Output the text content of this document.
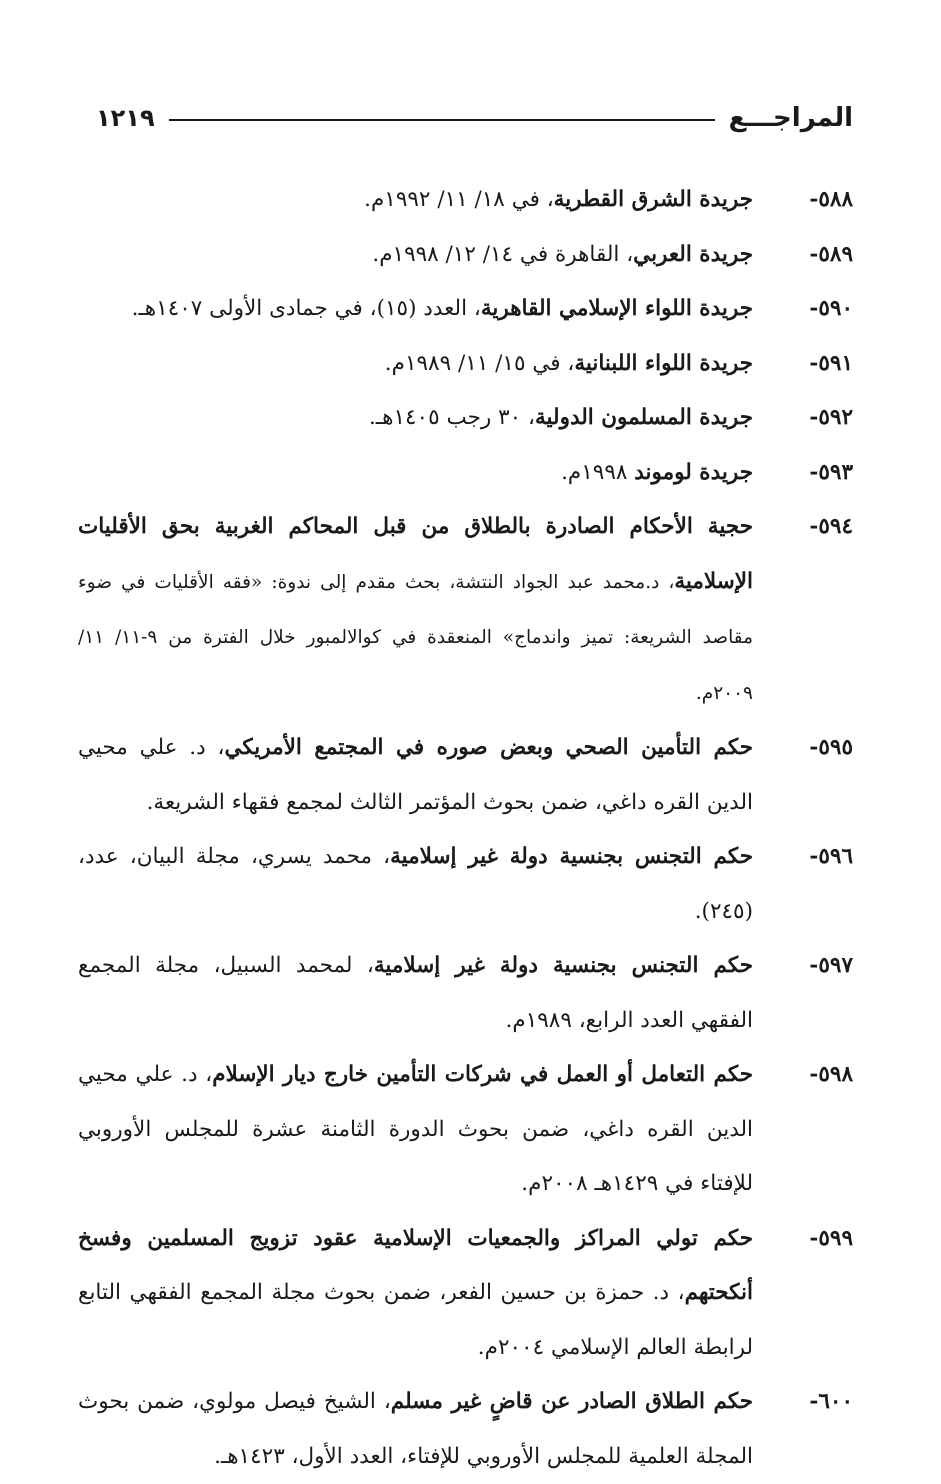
المراجـــع
١٢١٩
٥٨٨-
جريدة الشرق القطرية، في ١٨/ ١١/ ١٩٩٢م.
٥٨٩-
جريدة العربي، القاهرة في ١٤/ ١٢/ ١٩٩٨م.
٥٩٠-
جريدة اللواء الإسلامي القاهرية، العدد (١٥)، في جمادى الأولى ١٤٠٧هـ.
٥٩١-
جريدة اللواء اللبنانية، في ١٥/ ١١/ ١٩٨٩م.
٥٩٢-
جريدة المسلمون الدولية، ٣٠ رجب ١٤٠٥هـ.
٥٩٣-
جريدة لوموند ١٩٩٨م.
٥٩٤-
حجية الأحكام الصادرة بالطلاق من قبل المحاكم الغربية بحق الأقليات الإسلامية، د.محمد عبد الجواد النتشة، بحث مقدم إلى ندوة: «فقه الأقليات في ضوء مقاصد الشريعة: تميز واندماج» المنعقدة في كوالالمبور خلال الفترة من ٩-١١/ ١١/ ٢٠٠٩م.
٥٩٥-
حكم التأمين الصحي وبعض صوره في المجتمع الأمريكي، د. علي محيي الدين القره داغي، ضمن بحوث المؤتمر الثالث لمجمع فقهاء الشريعة.
٥٩٦-
حكم التجنس بجنسية دولة غير إسلامية، محمد يسري، مجلة البيان، عدد، (٢٤٥).
٥٩٧-
حكم التجنس بجنسية دولة غير إسلامية، لمحمد السبيل، مجلة المجمع الفقهي العدد الرابع، ١٩٨٩م.
٥٩٨-
حكم التعامل أو العمل في شركات التأمين خارج ديار الإسلام، د. علي محيي الدين القره داغي، ضمن بحوث الدورة الثامنة عشرة للمجلس الأوروبي للإفتاء في ١٤٢٩هـ ٢٠٠٨م.
٥٩٩-
حكم تولي المراكز والجمعيات الإسلامية عقود تزويج المسلمين وفسخ أنكحتهم، د. حمزة بن حسين الفعر، ضمن بحوث مجلة المجمع الفقهي التابع لرابطة العالم الإسلامي ٢٠٠٤م.
٦٠٠-
حكم الطلاق الصادر عن قاضٍ غير مسلم، الشيخ فيصل مولوي، ضمن بحوث المجلة العلمية للمجلس الأوروبي للإفتاء، العدد الأول، ١٤٢٣هـ.
